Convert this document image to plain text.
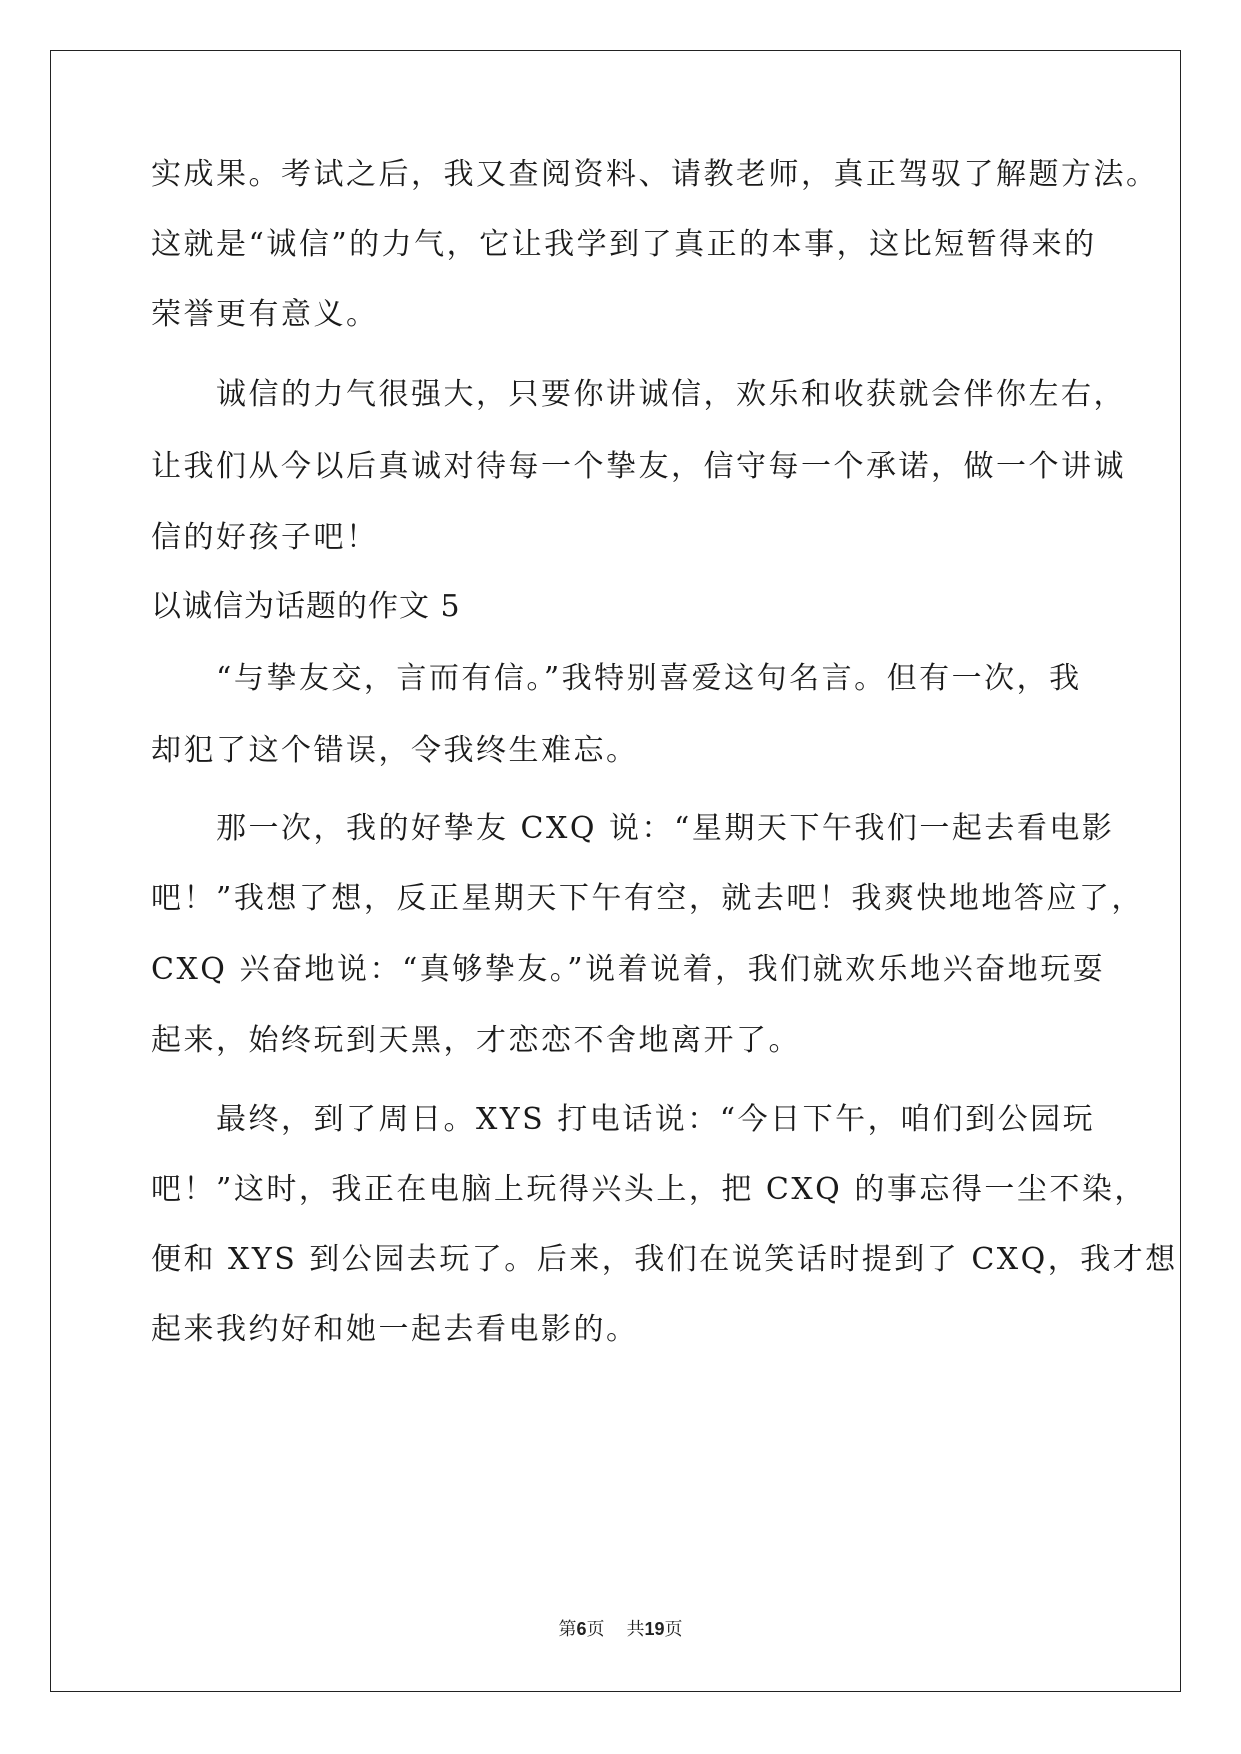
实成果。考试之后，我又查阅资料、请教老师，真正驾驭了解题方法。
这就是“诚信”的力气，它让我学到了真正的本事，这比短暂得来的
荣誉更有意义。
诚信的力气很强大，只要你讲诚信，欢乐和收获就会伴你左右，
让我们从今以后真诚对待每一个挚友，信守每一个承诺，做一个讲诚
信的好孩子吧！
以诚信为话题的作文 5
“与挚友交，言而有信。”我特别喜爱这句名言。但有一次，我
却犯了这个错误，令我终生难忘。
那一次，我的好挚友 CXQ 说：“星期天下午我们一起去看电影
吧！”我想了想，反正星期天下午有空，就去吧！我爽快地地答应了，
CXQ 兴奋地说：“真够挚友。”说着说着，我们就欢乐地兴奋地玩耍
起来，始终玩到天黑，才恋恋不舍地离开了。
最终，到了周日。XYS 打电话说：“今日下午，咱们到公园玩
吧！”这时，我正在电脑上玩得兴头上，把 CXQ 的事忘得一尘不染，
便和 XYS 到公园去玩了。后来，我们在说笑话时提到了 CXQ，我才想
起来我约好和她一起去看电影的。
第6页 共19页
